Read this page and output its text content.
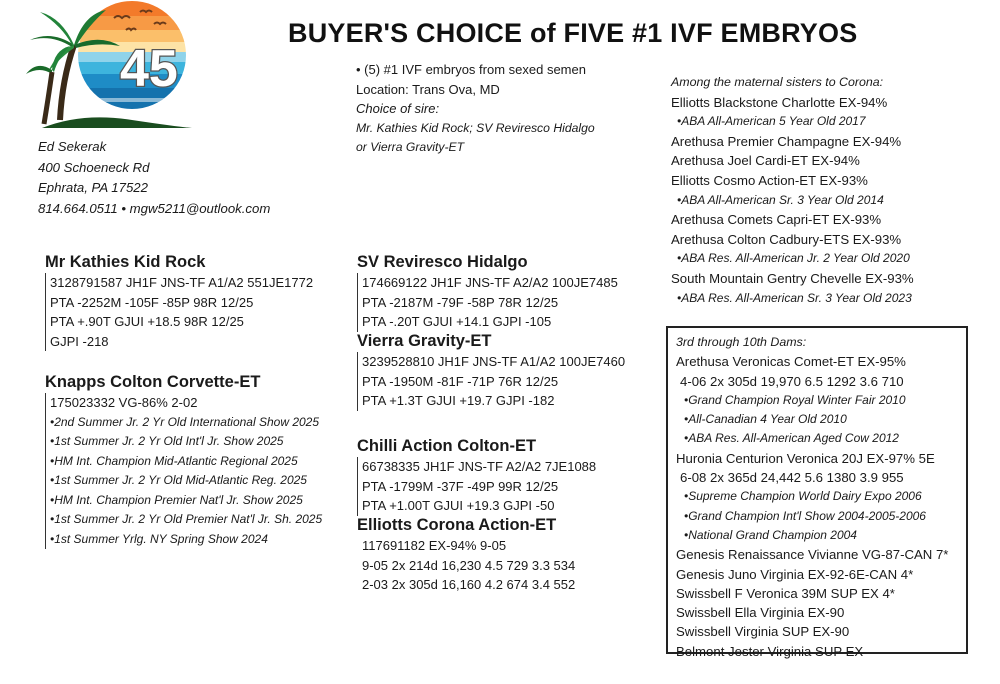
45
BUYER'S CHOICE of FIVE #1 IVF EMBRYOS
Ed Sekerak
400 Schoeneck Rd
Ephrata, PA 17522
814.664.0511 • mgw5211@outlook.com
• (5) #1 IVF embryos from sexed semen
Location: Trans Ova, MD
Choice of sire:
Mr. Kathies Kid Rock; SV Reviresco Hidalgo
or Vierra Gravity-ET
Mr Kathies Kid Rock
3128791587 JH1F JNS-TF A1/A2 551JE1772
PTA -2252M -105F -85P 98R 12/25
PTA +.90T GJUI +18.5 98R 12/25
GJPI -218
Knapps Colton Corvette-ET
175023332 VG-86% 2-02
•2nd Summer Jr. 2 Yr Old International Show 2025
•1st Summer Jr. 2 Yr Old Int'l Jr. Show 2025
•HM Int. Champion Mid-Atlantic Regional 2025
•1st Summer Jr. 2 Yr Old Mid-Atlantic Reg. 2025
•HM Int. Champion Premier Nat'l Jr. Show 2025
•1st Summer Jr. 2 Yr Old Premier Nat'l Jr. Sh. 2025
•1st Summer Yrlg. NY Spring Show 2024
SV Reviresco Hidalgo
174669122 JH1F JNS-TF A2/A2 100JE7485
PTA -2187M -79F -58P 78R 12/25
PTA -.20T GJUI +14.1 GJPI -105
Vierra Gravity-ET
3239528810 JH1F JNS-TF A1/A2 100JE7460
PTA -1950M -81F -71P 76R 12/25
PTA +1.3T GJUI +19.7 GJPI -182
Chilli Action Colton-ET
66738335 JH1F JNS-TF A2/A2 7JE1088
PTA -1799M -37F -49P 99R 12/25
PTA +1.00T GJUI +19.3 GJPI -50
Elliotts Corona Action-ET
117691182 EX-94% 9-05
9-05 2x 214d 16,230 4.5 729 3.3 534
2-03 2x 305d 16,160 4.2 674 3.4 552
Among the maternal sisters to Corona:
Elliotts Blackstone Charlotte EX-94%
•ABA All-American 5 Year Old 2017
Arethusa Premier Champagne EX-94%
Arethusa Joel Cardi-ET EX-94%
Elliotts Cosmo Action-ET EX-93%
•ABA All-American Sr. 3 Year Old 2014
Arethusa Comets Capri-ET EX-93%
Arethusa Colton Cadbury-ETS EX-93%
•ABA Res. All-American Jr. 2 Year Old 2020
South Mountain Gentry Chevelle EX-93%
•ABA Res. All-American Sr. 3 Year Old 2023
3rd through 10th Dams:
Arethusa Veronicas Comet-ET EX-95%
4-06 2x 305d 19,970 6.5 1292 3.6 710
•Grand Champion Royal Winter Fair 2010
•All-Canadian 4 Year Old 2010
•ABA Res. All-American Aged Cow 2012
Huronia Centurion Veronica 20J EX-97% 5E
6-08 2x 365d 24,442 5.6 1380 3.9 955
•Supreme Champion World Dairy Expo 2006
•Grand Champion Int'l Show 2004-2005-2006
•National Grand Champion 2004
Genesis Renaissance Vivianne VG-87-CAN 7*
Genesis Juno Virginia EX-92-6E-CAN 4*
Swissbell F Veronica 39M SUP EX 4*
Swissbell Ella Virginia EX-90
Swissbell Virginia SUP EX-90
Belmont Jester Virginia SUP EX
